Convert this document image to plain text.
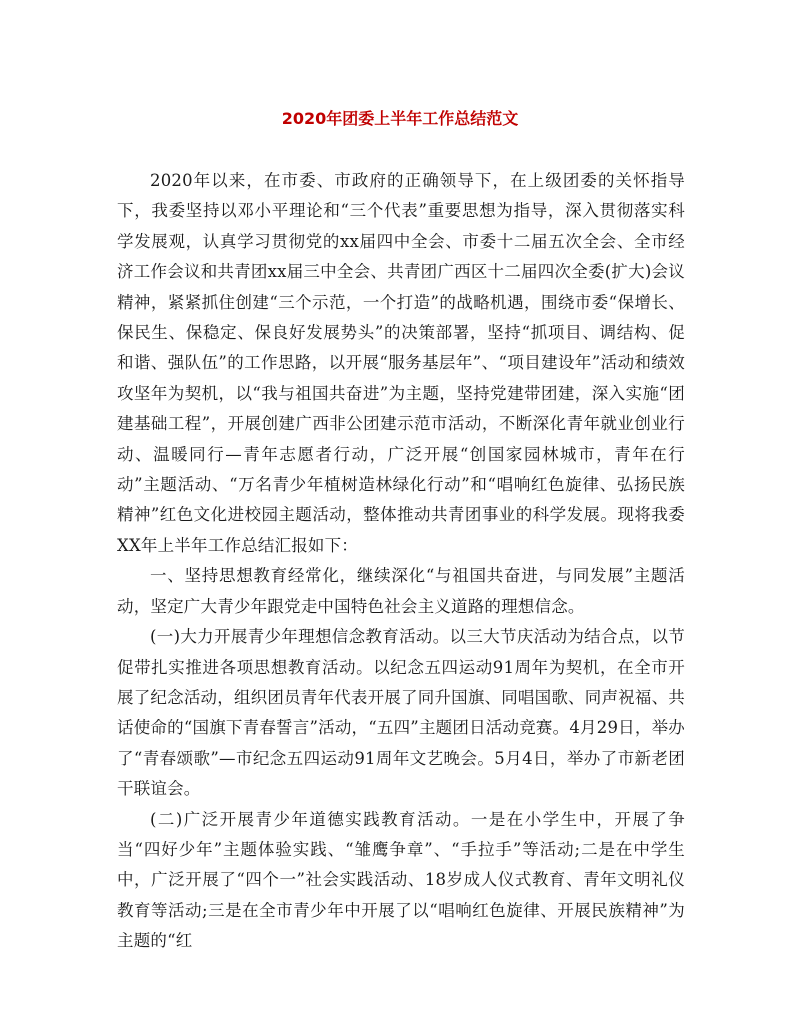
2020年团委上半年工作总结范文

2020年以来，在市委、市政府的正确领导下，在上级团委的关怀指导下，我委坚持以邓小平理论和“三个代表”重要思想为指导，深入贯彻落实科学发展观，认真学习贯彻党的xx届四中全会、市委十二届五次全会、全市经济工作会议和共青团xx届三中全会、共青团广西区十二届四次全委(扩大)会议精神，紧紧抓住创建“三个示范，一个打造”的战略机遇，围绕市委“保增长、保民生、保稳定、保良好发展势头”的决策部署，坚持“抓项目、调结构、促和谐、强队伍”的工作思路，以开展“服务基层年”、“项目建设年”活动和绩效攻坚年为契机，以“我与祖国共奋进”为主题，坚持党建带团建，深入实施“团建基础工程”，开展创建广西非公团建示范市活动，不断深化青年就业创业行动、温暖同行—青年志愿者行动，广泛开展“创国家园林城市，青年在行动”主题活动、“万名青少年植树造林绿化行动”和“唱响红色旋律、弘扬民族精神”红色文化进校园主题活动，整体推动共青团事业的科学发展。现将我委XX年上半年工作总结汇报如下：

一、坚持思想教育经常化，继续深化“与祖国共奋进，与同发展”主题活动，坚定广大青少年跟党走中国特色社会主义道路的理想信念。

(一)大力开展青少年理想信念教育活动。以三大节庆活动为结合点，以节促带扎实推进各项思想教育活动。以纪念五四运动91周年为契机，在全市开展了纪念活动，组织团员青年代表开展了同升国旗、同唱国歌、同声祝福、共话使命的“国旗下青春誓言”活动，“五四”主题团日活动竞赛。4月29日，举办了“青春颂歌”—市纪念五四运动91周年文艺晚会。5月4日，举办了市新老团干联谊会。

(二)广泛开展青少年道德实践教育活动。一是在小学生中，开展了争当“四好少年”主题体验实践、“雏鹰争章”、“手拉手”等活动;二是在中学生中，广泛开展了“四个一”社会实践活动、18岁成人仪式教育、青年文明礼仪教育等活动;三是在全市青少年中开展了以“唱响红色旋律、开展民族精神”为主题的“红
